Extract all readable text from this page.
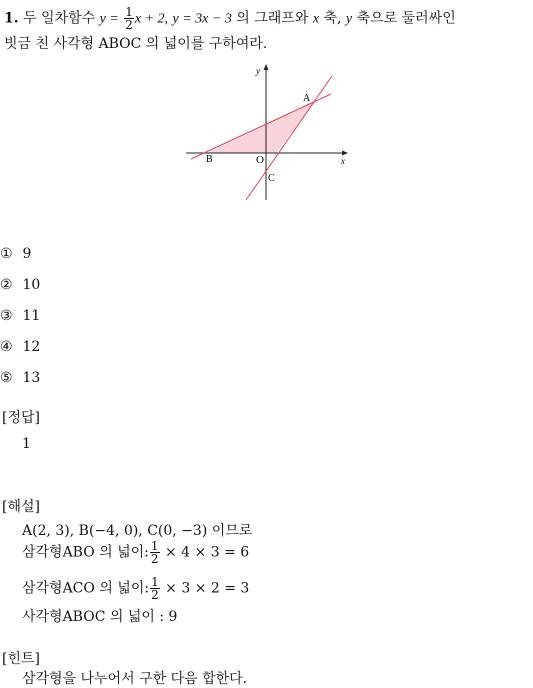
1. 두 일차함수 $y = \frac{1}{2}$ x + 2, y = 3x − 3 의 그래프와 x 축, y 축으로 둘러싸인
빗금 친 사각형 ABOC 의 넓이를 구하여라.
y
x
O
A
B
C
① 9
② 10
③ 11
④ 12
⑤ 13
[정답]
1
[해설]
A(2, 3), B(−4, 0), C(0, −3) 이므로
삼각형ABO 의 넓이: $\frac{1}{2} \times 4 \times 3 = 6$
삼각형ACO 의 넓이: $\frac{1}{2} \times 3 \times 2 = 3$
사각형ABOC 의 넓이 : 9
[힌트]
삼각형을 나누어서 구한 다음 합한다.
